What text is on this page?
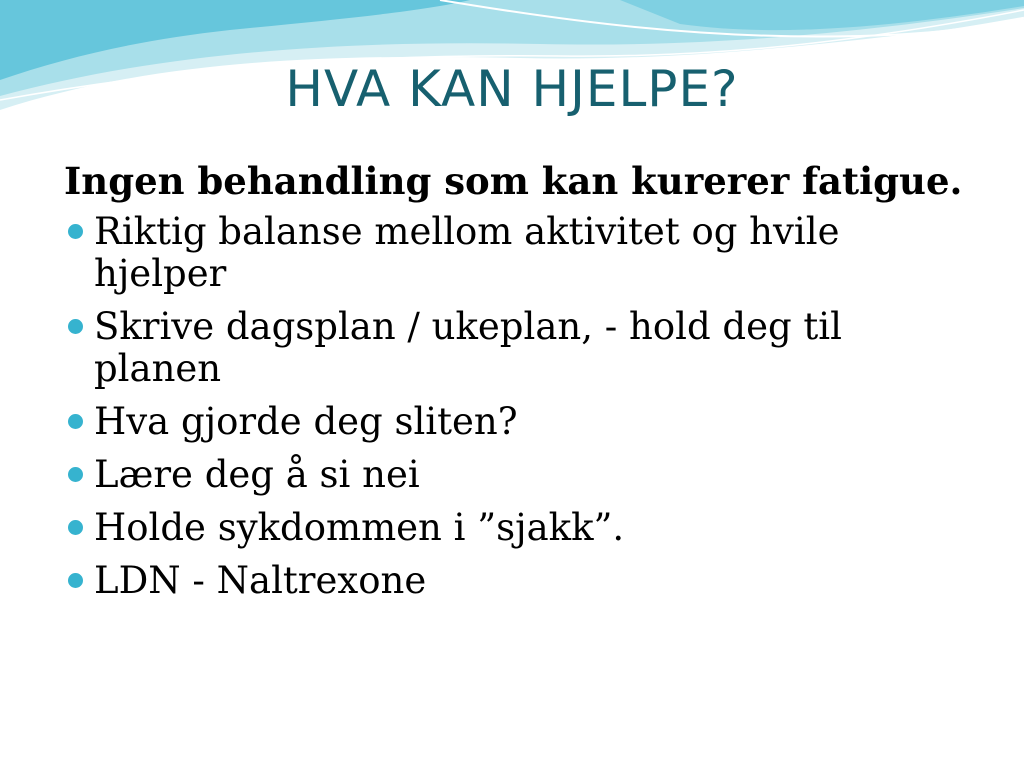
HVA KAN HJELPE?

Ingen behandling som kan kurerer fatigue.

Riktig balanse mellom aktivitet og hvile hjelper
Skrive dagsplan / ukeplan, - hold deg til planen
Hva gjorde deg sliten?
Lære deg å si nei
Holde sykdommen i ”sjakk”.
LDN - Naltrexone
